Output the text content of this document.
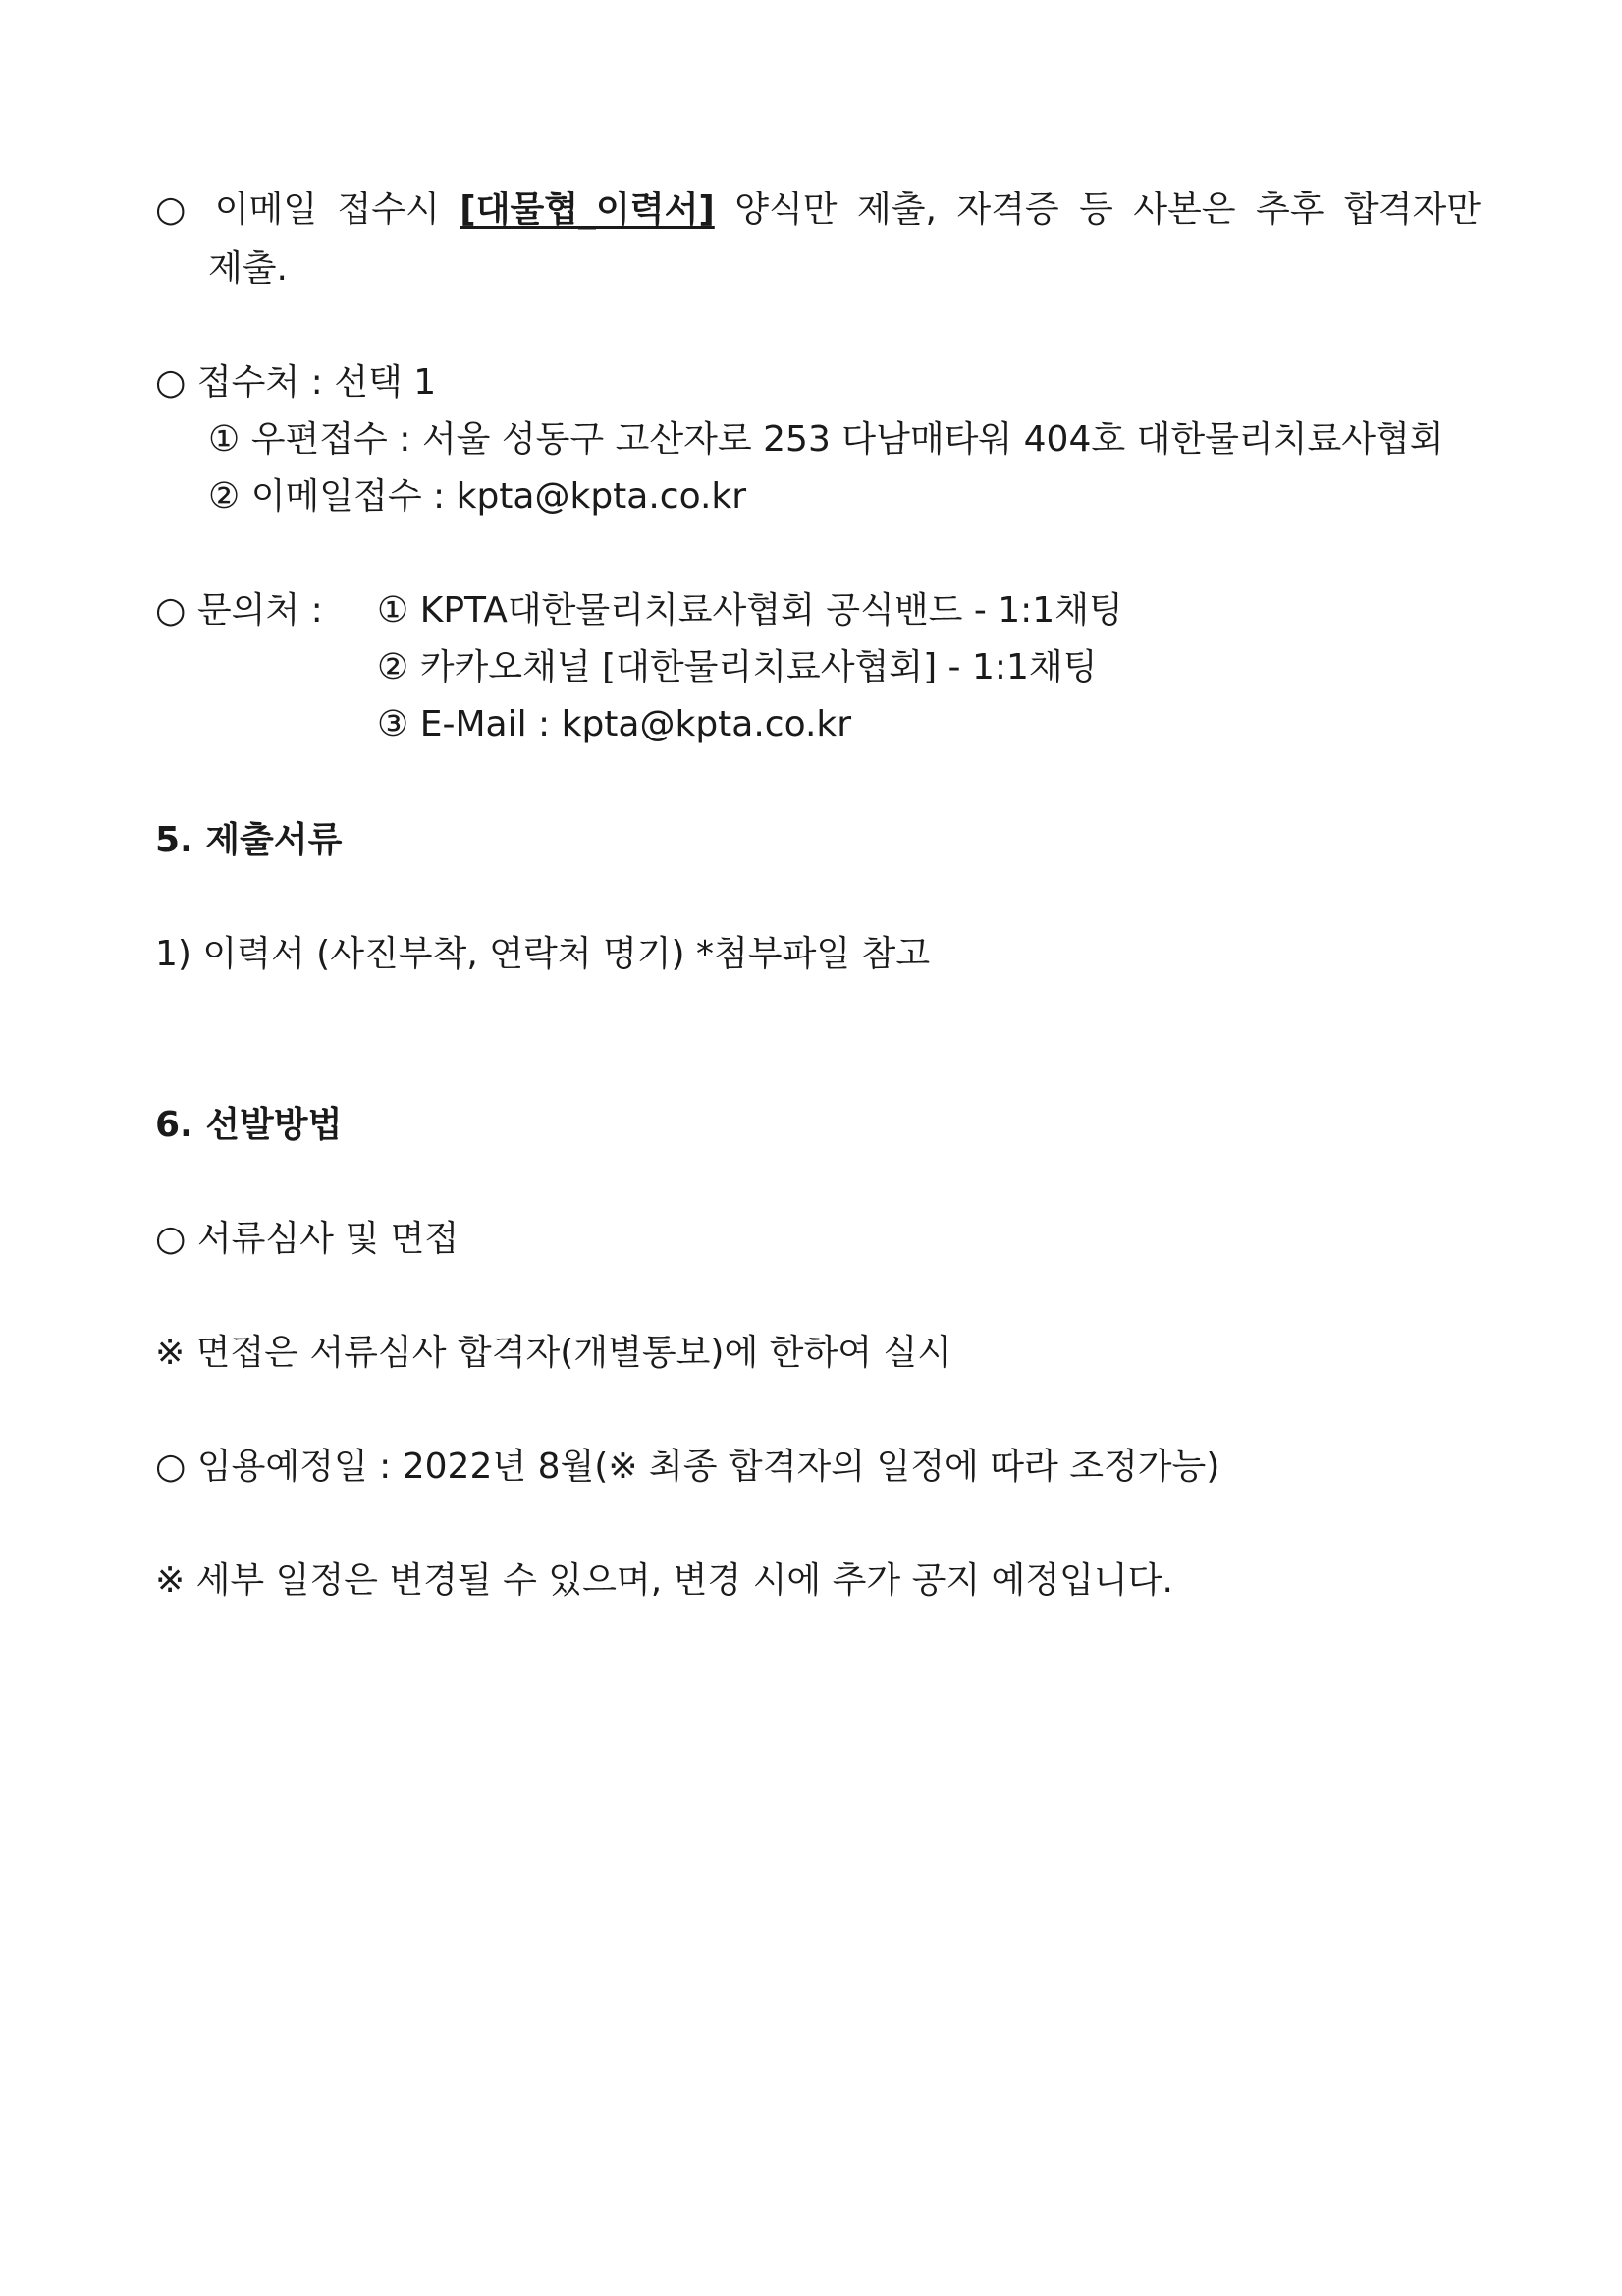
○ 이메일 접수시 [대물협_이력서] 양식만 제출, 자격증 등 사본은 추후 합격자만
제출.
○ 접수처 : 선택 1
① 우편접수 : 서울 성동구 고산자로 253 다남매타워 404호 대한물리치료사협회
② 이메일접수 : kpta@kpta.co.kr
○ 문의처 : ① KPTA대한물리치료사협회 공식밴드 - 1:1채팅
② 카카오채널 [대한물리치료사협회] - 1:1채팅
③ E-Mail : kpta@kpta.co.kr
5. 제출서류
1) 이력서 (사진부착, 연락처 명기) *첨부파일 참고
6. 선발방법
○ 서류심사 및 면접
※ 면접은 서류심사 합격자(개별통보)에 한하여 실시
○ 임용예정일 : 2022년 8월(※ 최종 합격자의 일정에 따라 조정가능)
※ 세부 일정은 변경될 수 있으며, 변경 시에 추가 공지 예정입니다.
